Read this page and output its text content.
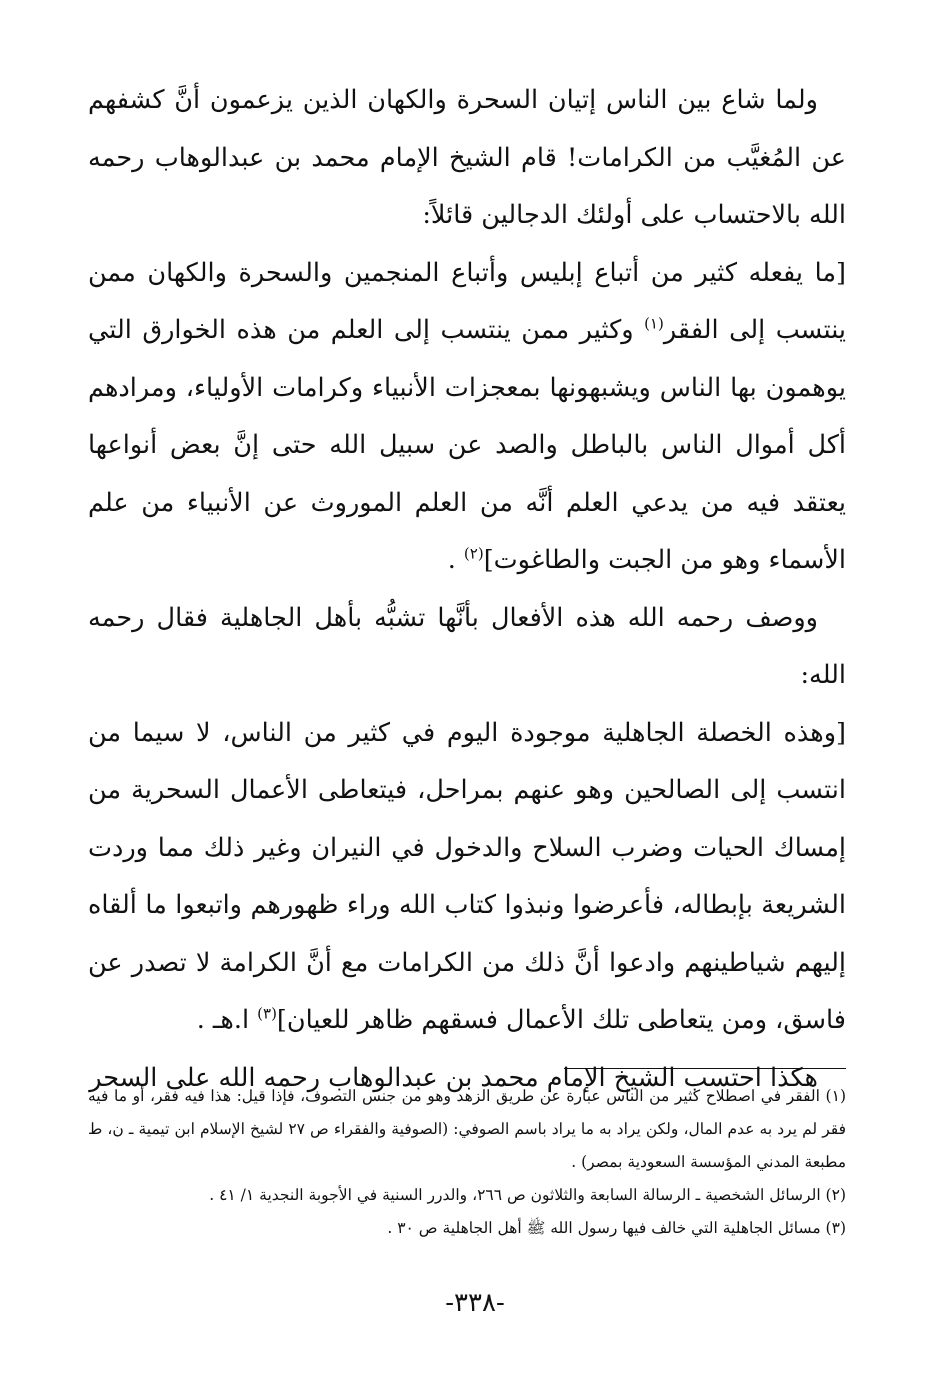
ولما شاع بين الناس إتيان السحرة والكهان الذين يزعمون أنَّ كشفهم عن المُغيَّب من الكرامات! قام الشيخ الإمام محمد بن عبدالوهاب رحمه الله بالاحتساب على أولئك الدجالين قائلاً:

[ما يفعله كثير من أتباع إبليس وأتباع المنجمين والسحرة والكهان ممن ينتسب إلى الفقر$^{(١)}$ وكثير ممن ينتسب إلى العلم من هذه الخوارق التي يوهمون بها الناس ويشبهونها بمعجزات الأنبياء وكرامات الأولياء، ومرادهم أكل أموال الناس بالباطل والصد عن سبيل الله حتى إنَّ بعض أنواعها يعتقد فيه من يدعي العلم أنَّه من العلم الموروث عن الأنبياء من علم الأسماء وهو من الجبت والطاغوت]$^{(٢)}$ .

ووصف رحمه الله هذه الأفعال بأنَّها تشبُّه بأهل الجاهلية فقال رحمه الله:

[وهذه الخصلة الجاهلية موجودة اليوم في كثير من الناس، لا سيما من انتسب إلى الصالحين وهو عنهم بمراحل، فيتعاطى الأعمال السحرية من إمساك الحيات وضرب السلاح والدخول في النيران وغير ذلك مما وردت الشريعة بإبطاله، فأعرضوا ونبذوا كتاب الله وراء ظهورهم واتبعوا ما ألقاه إليهم شياطينهم وادعوا أنَّ ذلك من الكرامات مع أنَّ الكرامة لا تصدر عن فاسق، ومن يتعاطى تلك الأعمال فسقهم ظاهر للعيان]$^{(٣)}$ ا.هـ .

هكذا احتسب الشيخ الإمام محمد بن عبدالوهاب رحمه الله على السحر

(١) الفقر في اصطلاح كثير من الناس عبارة عن طريق الزهد وهو من جنس التصوف، فإذا قيل: هذا فيه فقر، أو ما فيه فقر لم يرد به عدم المال، ولكن يراد به ما يراد باسم الصوفي: (الصوفية والفقراء ص ٢٧ لشيخ الإسلام ابن تيمية ـ ن، ط مطبعة المدني المؤسسة السعودية بمصر) .

(٢) الرسائل الشخصية ـ الرسالة السابعة والثلاثون ص ٢٦٦، والدرر السنية في الأجوبة النجدية ١/ ٤١ .

(٣) مسائل الجاهلية التي خالف فيها رسول الله ﷺ أهل الجاهلية ص ٣٠ .

-٣٣٨-
